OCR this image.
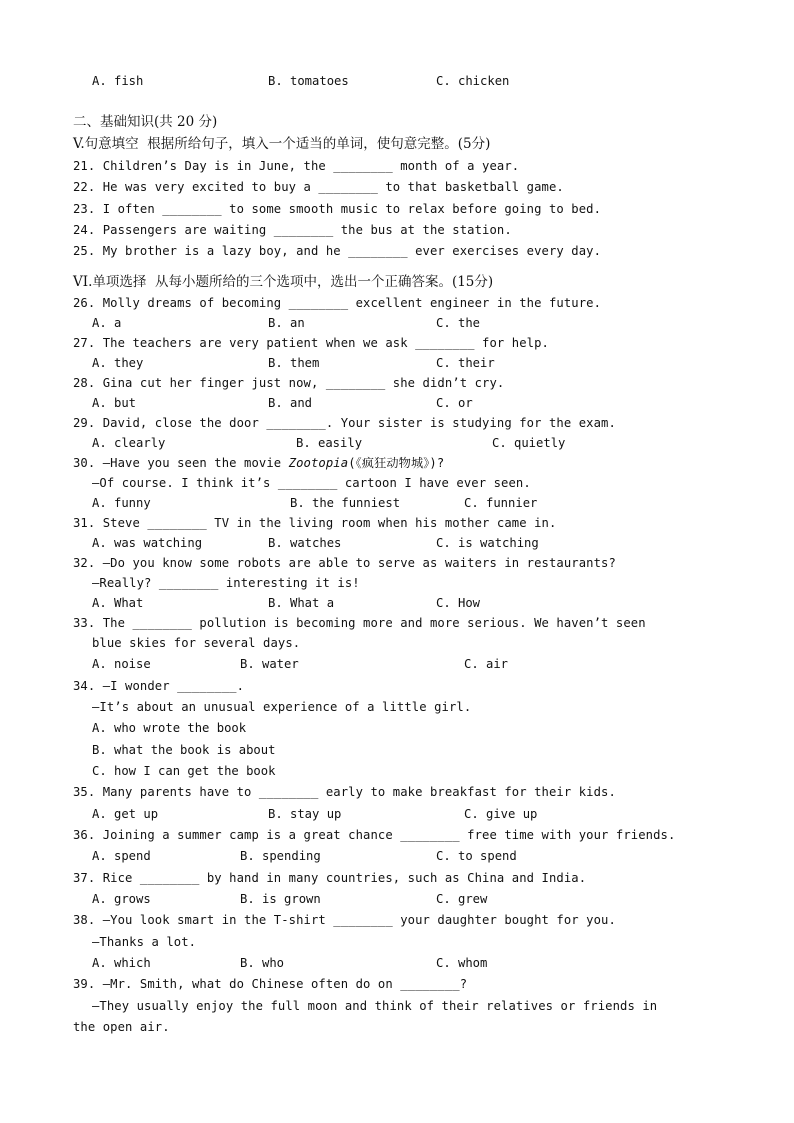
A. fish	B. tomatoes	C. chicken
二、基础知识(共 20 分)
V.句意填空  根据所给句子，填入一个适当的单词，使句意完整。(5分)
21. Children’s Day is in June, the ________ month of a year.
22. He was very excited to buy a ________ to that basketball game.
23. I often ________ to some smooth music to relax before going to bed.
24. Passengers are waiting ________ the bus at the station.
25. My brother is a lazy boy, and he ________ ever exercises every day.
VI.单项选择  从每小题所给的三个选项中，选出一个正确答案。(15分)
26. Molly dreams of becoming ________ excellent engineer in the future.
A. a	B. an	C. the
27. The teachers are very patient when we ask ________ for help.
A. they	B. them	C. their
28. Gina cut her finger just now, ________ she didn’t cry.
A. but	B. and	C. or
29. David, close the door ________. Your sister is studying for the exam.
A. clearly	B. easily	C. quietly
30. —Have you seen the movie Zootopia(《疯狂动物城》)?
—Of course. I think it’s ________ cartoon I have ever seen.
A. funny	B. the funniest	C. funnier
31. Steve ________ TV in the living room when his mother came in.
A. was watching	B. watches	C. is watching
32. —Do you know some robots are able to serve as waiters in restaurants?
—Really? ________ interesting it is!
A. What	B. What a	C. How
33. The ________ pollution is becoming more and more serious. We haven’t seen
blue skies for several days.
A. noise	B. water	C. air
34. —I wonder ________.
—It’s about an unusual experience of a little girl.
A. who wrote the book
B. what the book is about
C. how I can get the book
35. Many parents have to ________ early to make breakfast for their kids.
A. get up	B. stay up	C. give up
36. Joining a summer camp is a great chance ________ free time with your friends.
A. spend	B. spending	C. to spend
37. Rice ________ by hand in many countries, such as China and India.
A. grows	B. is grown	C. grew
38. —You look smart in the T-shirt ________ your daughter bought for you.
—Thanks a lot.
A. which	B. who	C. whom
39. —Mr. Smith, what do Chinese often do on ________?
—They usually enjoy the full moon and think of their relatives or friends in
the open air.
